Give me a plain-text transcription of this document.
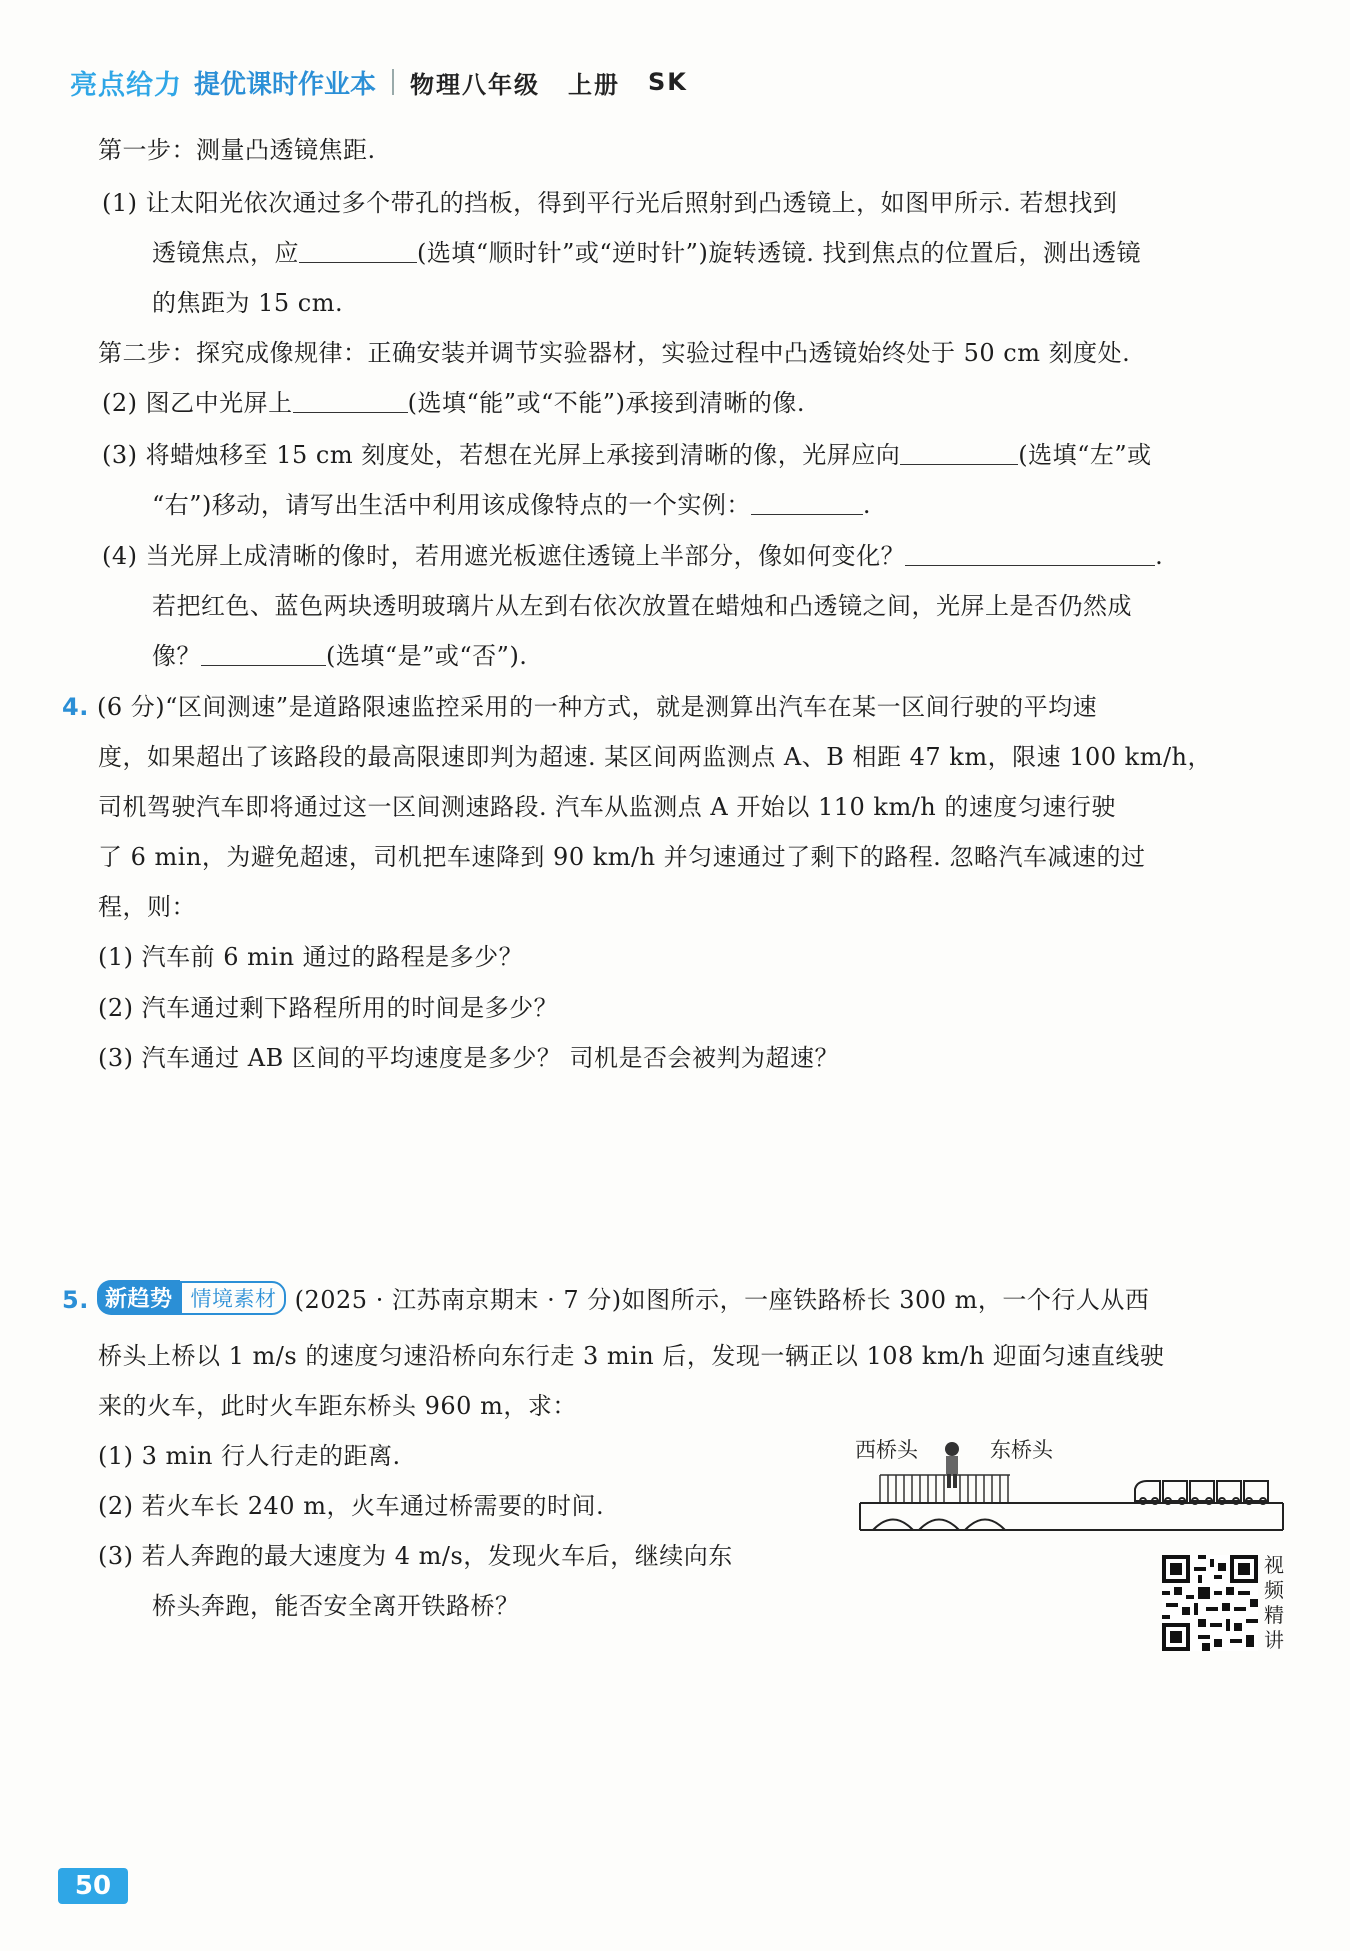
亮点给力 提优课时作业本 物理八年级 上册 SK
第一步：测量凸透镜焦距.
(1) 让太阳光依次通过多个带孔的挡板，得到平行光后照射到凸透镜上，如图甲所示. 若想找到
透镜焦点，应	(选填“顺时针”或“逆时针”)旋转透镜. 找到焦点的位置后，测出透镜
的焦距为 15 cm.
第二步：探究成像规律：正确安装并调节实验器材，实验过程中凸透镜始终处于 50 cm 刻度处.
(2) 图乙中光屏上	(选填“能”或“不能”)承接到清晰的像.
(3) 将蜡烛移至 15 cm 刻度处，若想在光屏上承接到清晰的像，光屏应向	(选填“左”或
“右”)移动，请写出生活中利用该成像特点的一个实例：	.
(4) 当光屏上成清晰的像时，若用遮光板遮住透镜上半部分，像如何变化？	.
若把红色、蓝色两块透明玻璃片从左到右依次放置在蜡烛和凸透镜之间，光屏上是否仍然成
像？	(选填“是”或“否”).
4. (6 分)“区间测速”是道路限速监控采用的一种方式，就是测算出汽车在某一区间行驶的平均速
度，如果超出了该路段的最高限速即判为超速. 某区间两监测点 A、B 相距 47 km，限速 100 km/h，
司机驾驶汽车即将通过这一区间测速路段. 汽车从监测点 A 开始以 110 km/h 的速度匀速行驶
了 6 min，为避免超速，司机把车速降到 90 km/h 并匀速通过了剩下的路程. 忽略汽车减速的过
程，则：
(1) 汽车前 6 min 通过的路程是多少？
(2) 汽车通过剩下路程所用的时间是多少？
(3) 汽车通过 AB 区间的平均速度是多少？ 司机是否会被判为超速？
5. 新趋势 情境素材 (2025 · 江苏南京期末 · 7 分)如图所示，一座铁路桥长 300 m，一个行人从西
桥头上桥以 1 m/s 的速度匀速沿桥向东行走 3 min 后，发现一辆正以 108 km/h 迎面匀速直线驶
来的火车，此时火车距东桥头 960 m，求：
(1) 3 min 行人行走的距离.
(2) 若火车长 240 m，火车通过桥需要的时间.
(3) 若人奔跑的最大速度为 4 m/s，发现火车后，继续向东
桥头奔跑，能否安全离开铁路桥？
西桥头	东桥头
视频精讲
50
